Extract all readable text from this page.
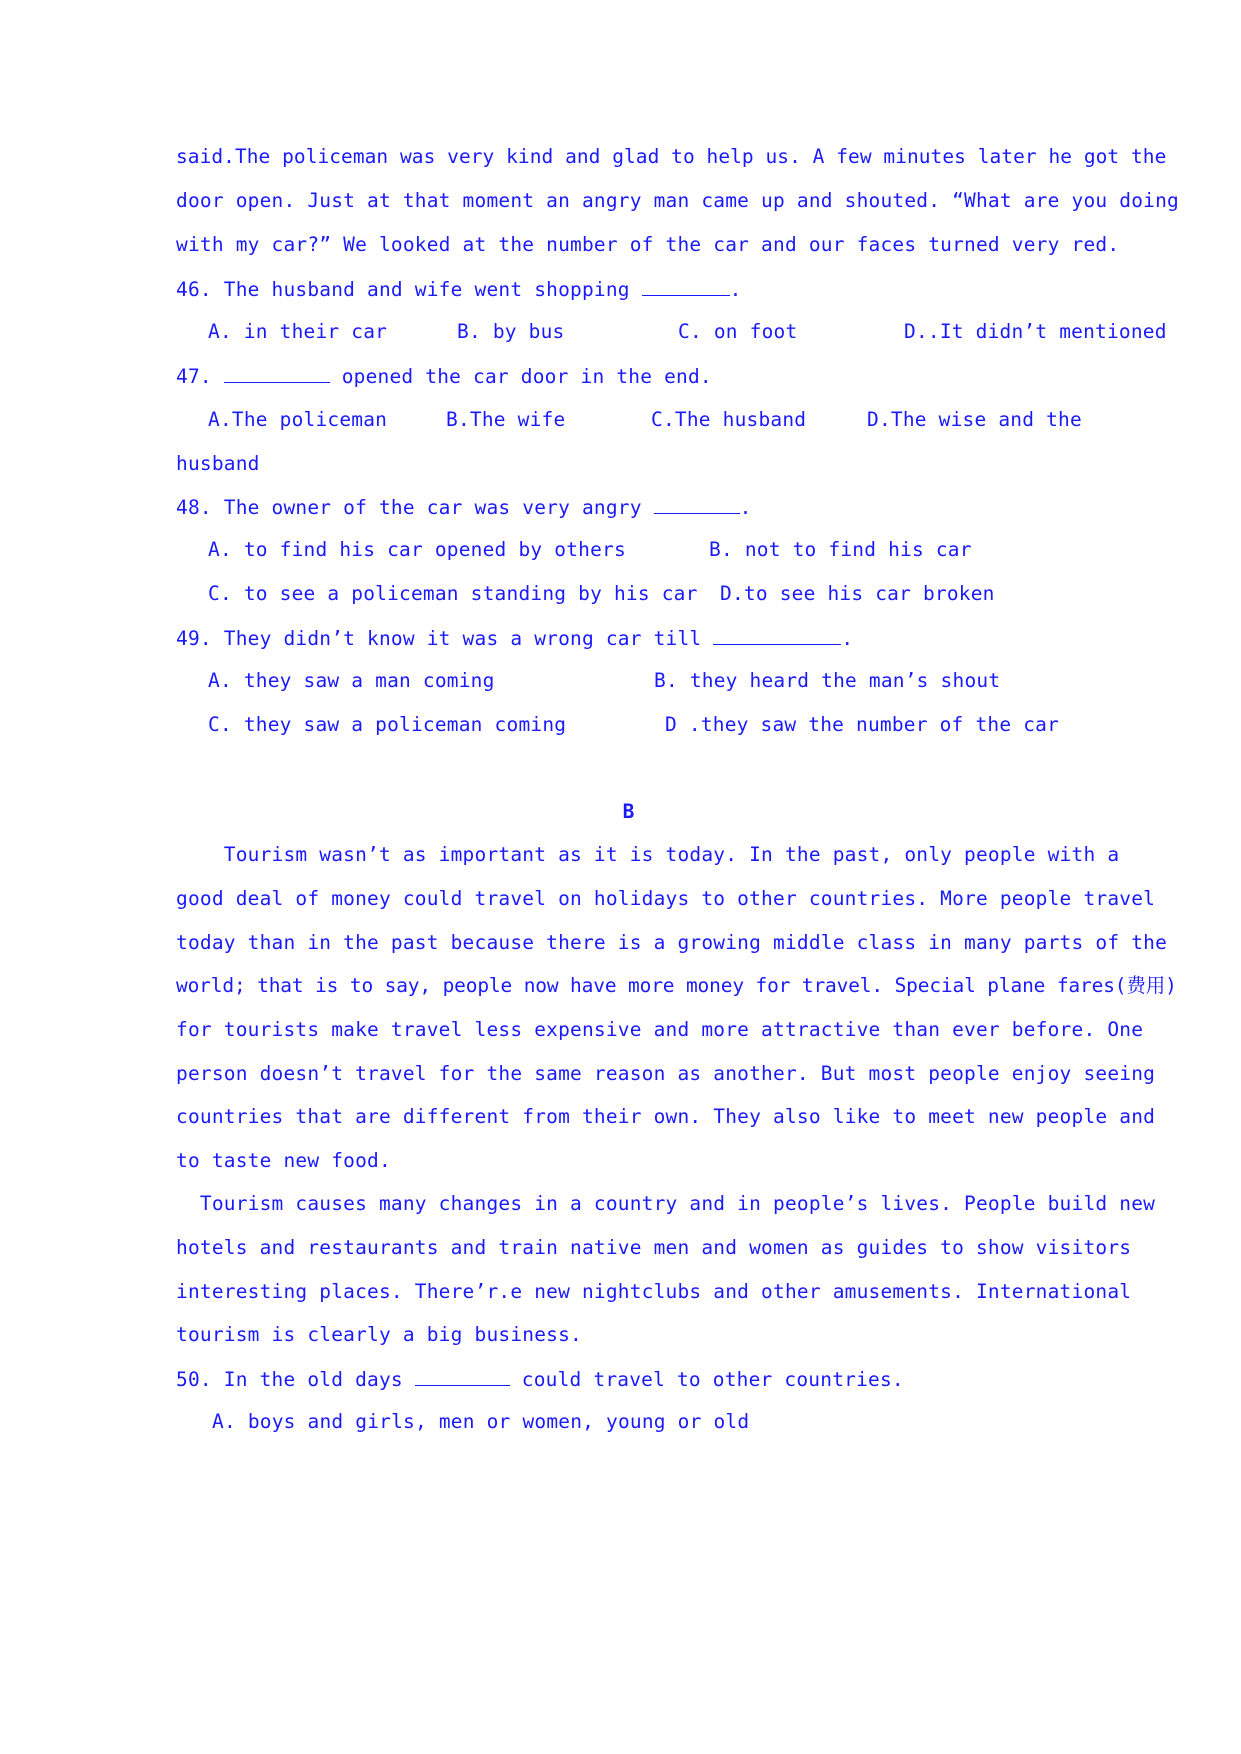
said.The policeman was very kind and glad to help us. A few minutes later he got the
door open. Just at that moment an angry man came up and shouted. “What are you doing
with my car?” We looked at the number of the car and our faces turned very red.
46. The husband and wife went shopping	.
A. in their car	B. by bus	C. on foot	D..It didn’t mentioned
47.	opened the car door in the end.
A.The policeman	B.The wife	C.The husband	D.The wise and the
husband
48. The owner of the car was very angry	.
A. to find his car opened by others	B. not to find his car
C. to see a policeman standing by his car D.to see his car broken
49. They didn’t know it was a wrong car till	.
A. they saw a man coming	B. they heard the man’s shout
C. they saw a policeman coming	D .they saw the number of the car
B
Tourism wasn’t as important as it is today. In the past, only people with a
good deal of money could travel on holidays to other countries. More people travel
today than in the past because there is a growing middle class in many parts of the
world; that is to say, people now have more money for travel. Special plane fares(费用)
for tourists make travel less expensive and more attractive than ever before. One
person doesn’t travel for the same reason as another. But most people enjoy seeing
countries that are different from their own. They also like to meet new people and
to taste new food.
Tourism causes many changes in a country and in people’s lives. People build new
hotels and restaurants and train native men and women as guides to show visitors
interesting places. There’r.e new nightclubs and other amusements. International
tourism is clearly a big business.
50. In the old days	could travel to other countries.
A. boys and girls, men or women, young or old
